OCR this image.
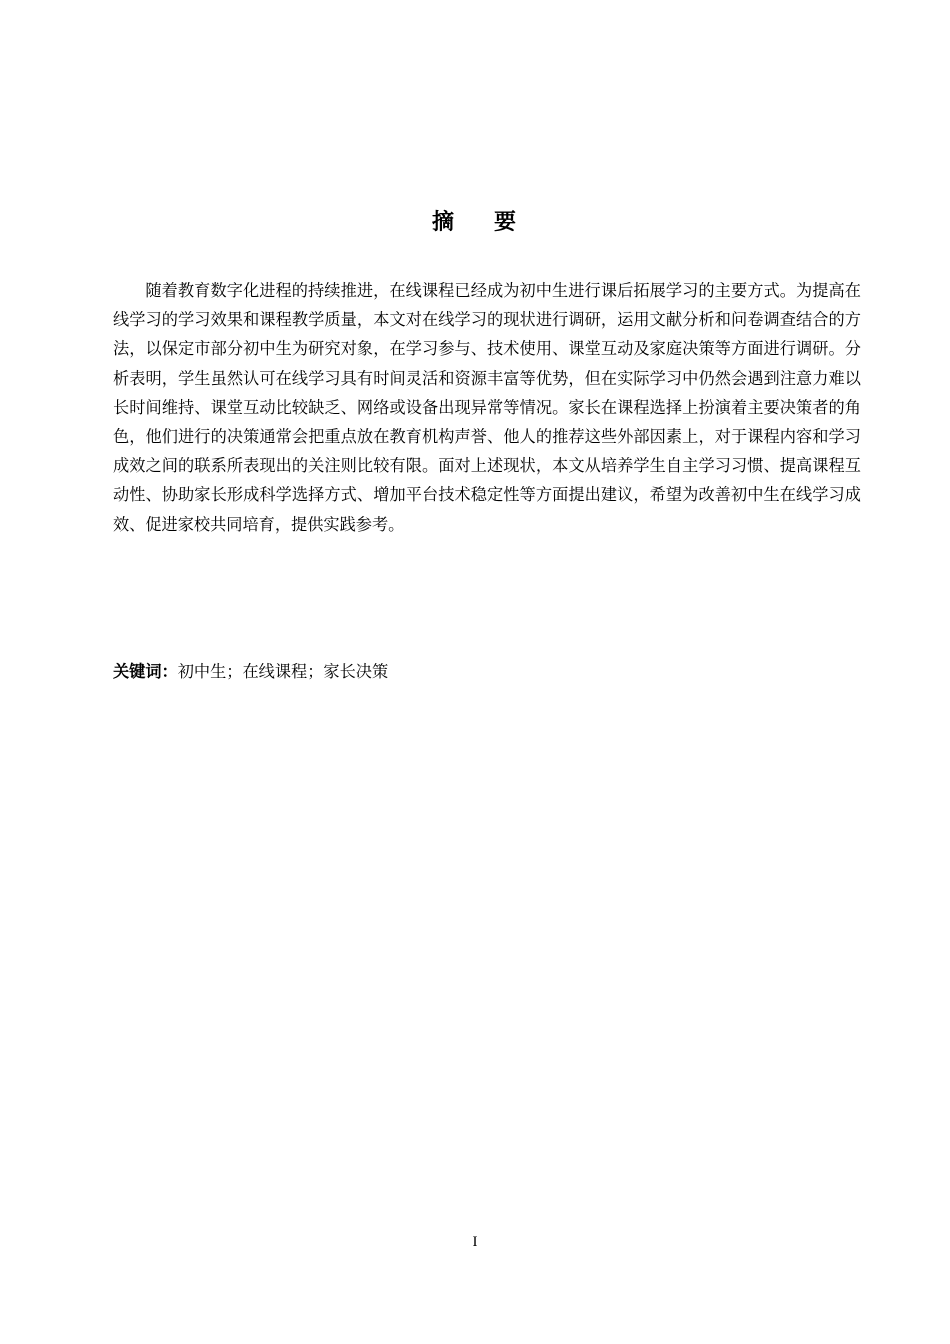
摘 要

随着教育数字化进程的持续推进，在线课程已经成为初中生进行课后拓展学习的主要方式。为提高在线学习的学习效果和课程教学质量，本文对在线学习的现状进行调研，运用文献分析和问卷调查结合的方法，以保定市部分初中生为研究对象，在学习参与、技术使用、课堂互动及家庭决策等方面进行调研。分析表明，学生虽然认可在线学习具有时间灵活和资源丰富等优势，但在实际学习中仍然会遇到注意力难以长时间维持、课堂互动比较缺乏、网络或设备出现异常等情况。家长在课程选择上扮演着主要决策者的角色，他们进行的决策通常会把重点放在教育机构声誉、他人的推荐这些外部因素上，对于课程内容和学习成效之间的联系所表现出的关注则比较有限。面对上述现状，本文从培养学生自主学习习惯、提高课程互动性、协助家长形成科学选择方式、增加平台技术稳定性等方面提出建议，希望为改善初中生在线学习成效、促进家校共同培育，提供实践参考。

关键词：初中生；在线课程；家长决策
I
